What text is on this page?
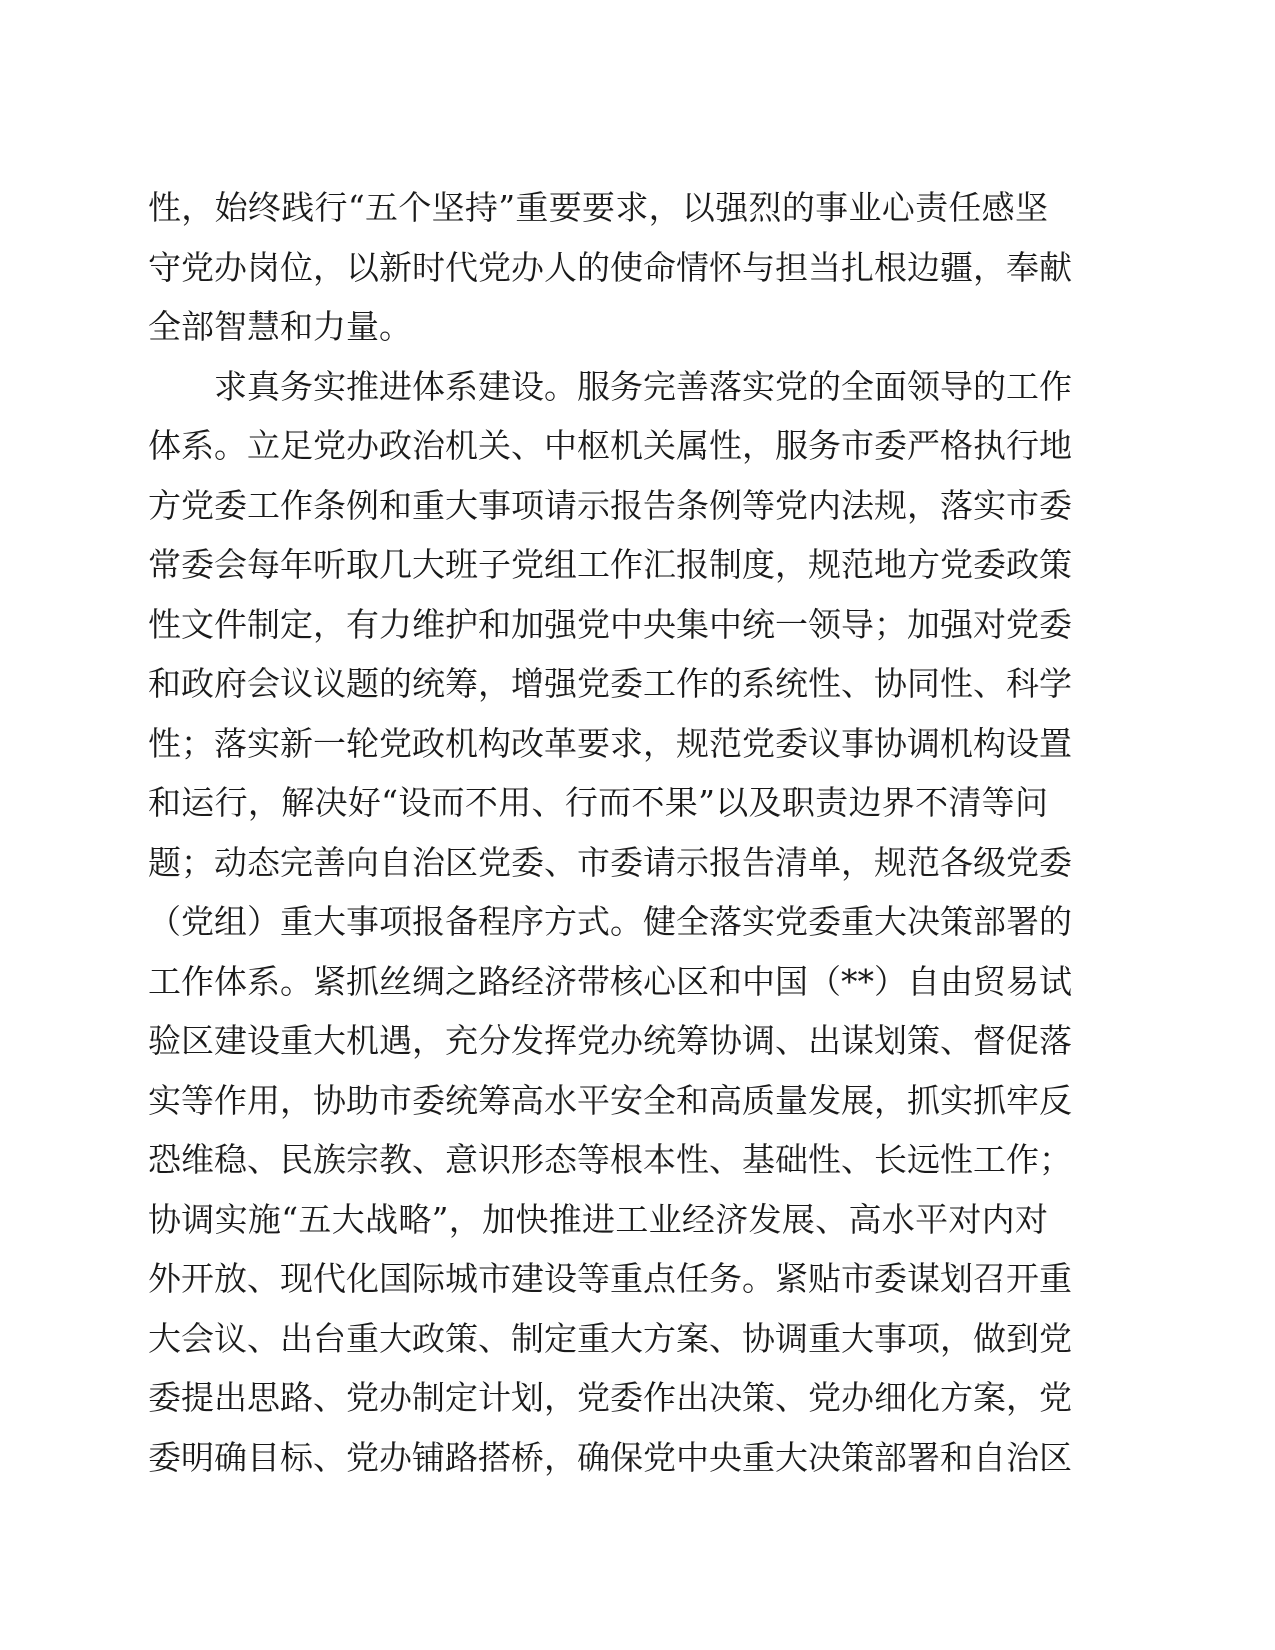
性，始终践行“五个坚持”重要要求，以强烈的事业心责任感坚
守党办岗位，以新时代党办人的使命情怀与担当扎根边疆，奉献
全部智慧和力量。
求真务实推进体系建设。服务完善落实党的全面领导的工作
体系。立足党办政治机关、中枢机关属性，服务市委严格执行地
方党委工作条例和重大事项请示报告条例等党内法规，落实市委
常委会每年听取几大班子党组工作汇报制度，规范地方党委政策
性文件制定，有力维护和加强党中央集中统一领导；加强对党委
和政府会议议题的统筹，增强党委工作的系统性、协同性、科学
性；落实新一轮党政机构改革要求，规范党委议事协调机构设置
和运行，解决好“设而不用、行而不果”以及职责边界不清等问
题；动态完善向自治区党委、市委请示报告清单，规范各级党委
（党组）重大事项报备程序方式。健全落实党委重大决策部署的
工作体系。紧抓丝绸之路经济带核心区和中国（**）自由贸易试
验区建设重大机遇，充分发挥党办统筹协调、出谋划策、督促落
实等作用，协助市委统筹高水平安全和高质量发展，抓实抓牢反
恐维稳、民族宗教、意识形态等根本性、基础性、长远性工作；
协调实施“五大战略”，加快推进工业经济发展、高水平对内对
外开放、现代化国际城市建设等重点任务。紧贴市委谋划召开重
大会议、出台重大政策、制定重大方案、协调重大事项，做到党
委提出思路、党办制定计划，党委作出决策、党办细化方案，党
委明确目标、党办铺路搭桥，确保党中央重大决策部署和自治区
